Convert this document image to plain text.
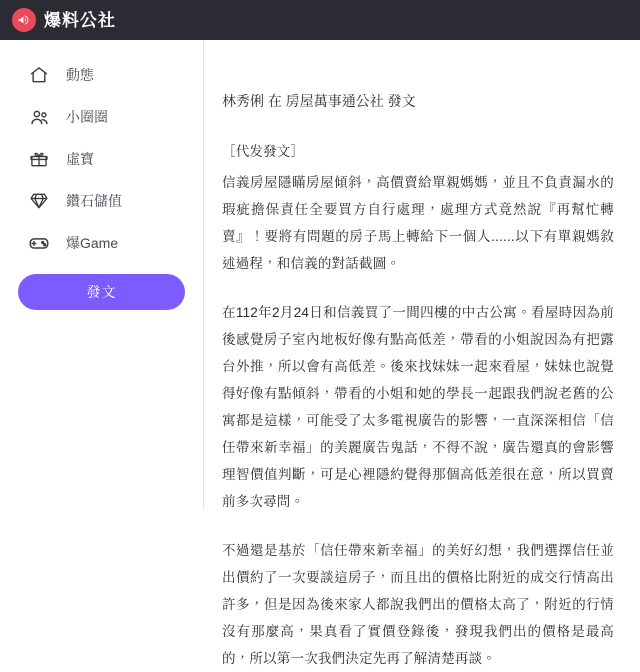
爆料公社
動態
小圈圈
虛寶
鑽石儲值
爆Game
發文
林秀俐 在 房屋萬事通公社 發文

［代发發文］

信義房屋隱瞞房屋傾斜，高價賣給單親媽媽，並且不負責漏水的瑕疵擔保責任全要買方自行處理，處理方式竟然說『再幫忙轉賣』！要將有問題的房子馬上轉給下一個人......以下有單親媽敘述過程，和信義的對話截圖。

在112年2月24日和信義買了一間四樓的中古公寓。看屋時因為前後感覺房子室內地板好像有點高低差，帶看的小姐說因為有把露台外推，所以會有高低差。後來找妹妹一起來看屋，妹妹也說覺得好像有點傾斜，帶看的小姐和她的學長一起跟我們說老舊的公寓都是這樣，可能受了太多電視廣告的影響，一直深深相信「信任帶來新幸福」的美麗廣告鬼話，不得不說，廣告還真的會影響理智價值判斷，可是心裡隱約覺得那個高低差很在意，所以買賣前多次尋問。

不過還是基於「信任帶來新幸福」的美好幻想，我們選擇信任並出價約了一次要談這房子，而且出的價格比附近的成交行情高出許多，但是因為後來家人都說我們出的價格太高了，附近的行情沒有那麼高，果真看了實價登錄後，發現我們出的價格是最高的，所以第一次我們決定先再了解清楚再談。
